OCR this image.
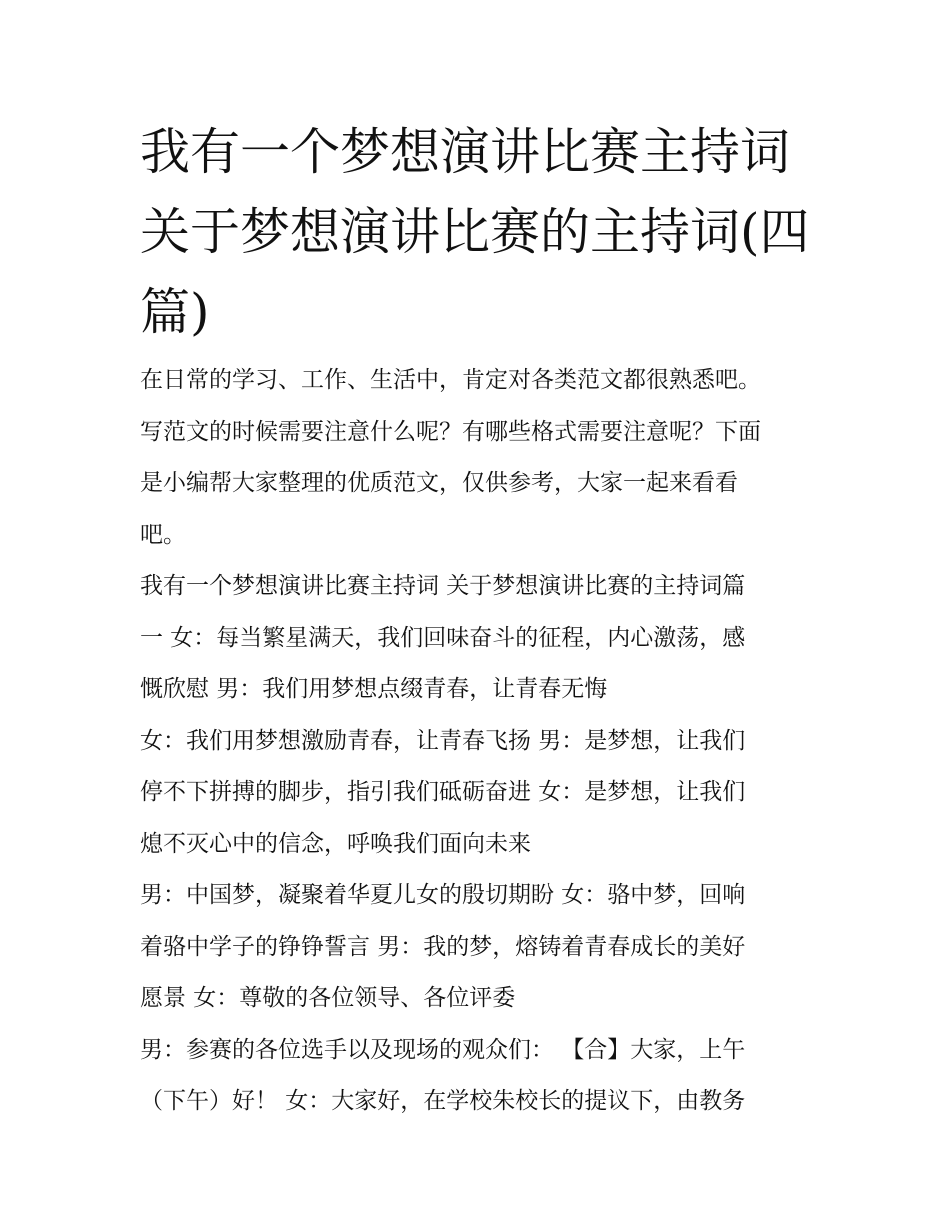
我有一个梦想演讲比赛主持词
关于梦想演讲比赛的主持词(四
篇)

在日常的学习、工作、生活中，肯定对各类范文都很熟悉吧。
写范文的时候需要注意什么呢？有哪些格式需要注意呢？下面
是小编帮大家整理的优质范文，仅供参考，大家一起来看看
吧。

我有一个梦想演讲比赛主持词 关于梦想演讲比赛的主持词篇
一 女：每当繁星满天，我们回味奋斗的征程，内心激荡，感
慨欣慰 男：我们用梦想点缀青春，让青春无悔

女：我们用梦想激励青春，让青春飞扬 男：是梦想，让我们
停不下拼搏的脚步，指引我们砥砺奋进 女：是梦想，让我们
熄不灭心中的信念，呼唤我们面向未来

男：中国梦，凝聚着华夏儿女的殷切期盼 女：骆中梦，回响
着骆中学子的铮铮誓言 男：我的梦，熔铸着青春成长的美好
愿景 女：尊敬的各位领导、各位评委

男：参赛的各位选手以及现场的观众们： 【合】大家，上午
（下午）好！ 女：大家好，在学校朱校长的提议下，由教务
